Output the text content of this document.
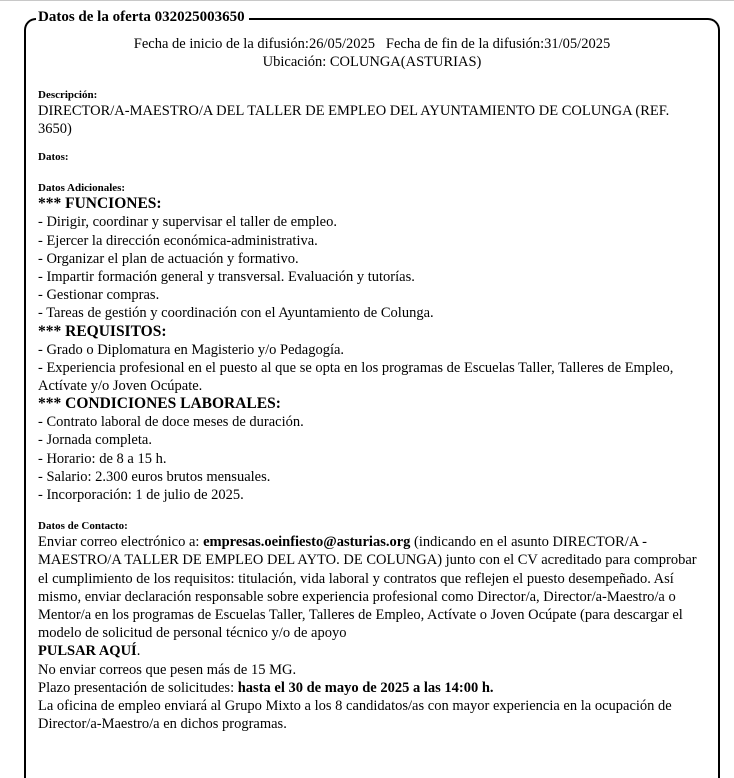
Datos de la oferta 032025003650
Fecha de inicio de la difusión:26/05/2025 Fecha de fin de la difusión:31/05/2025
Ubicación: COLUNGA(ASTURIAS)
Descripción:
DIRECTOR/A-MAESTRO/A DEL TALLER DE EMPLEO DEL AYUNTAMIENTO DE COLUNGA (REF. 3650)
Datos:
Datos Adicionales:
*** FUNCIONES:
- Dirigir, coordinar y supervisar el taller de empleo.
- Ejercer la dirección económica-administrativa.
- Organizar el plan de actuación y formativo.
- Impartir formación general y transversal. Evaluación y tutorías.
- Gestionar compras.
- Tareas de gestión y coordinación con el Ayuntamiento de Colunga.
*** REQUISITOS:
- Grado o Diplomatura en Magisterio y/o Pedagogía.
- Experiencia profesional en el puesto al que se opta en los programas de Escuelas Taller, Talleres de Empleo, Actívate y/o Joven Ocúpate.
*** CONDICIONES LABORALES:
- Contrato laboral de doce meses de duración.
- Jornada completa.
- Horario: de 8 a 15 h.
- Salario: 2.300 euros brutos mensuales.
- Incorporación: 1 de julio de 2025.
Datos de Contacto:
Enviar correo electrónico a: empresas.oeinfiesto@asturias.org (indicando en el asunto DIRECTOR/A - MAESTRO/A TALLER DE EMPLEO DEL AYTO. DE COLUNGA) junto con el CV acreditado para comprobar el cumplimiento de los requisitos: titulación, vida laboral y contratos que reflejen el puesto desempeñado. Así mismo, enviar declaración responsable sobre experiencia profesional como Director/a, Director/a-Maestro/a o Mentor/a en los programas de Escuelas Taller, Talleres de Empleo, Actívate o Joven Ocúpate (para descargar el modelo de solicitud de personal técnico y/o de apoyo
PULSAR AQUÍ.
No enviar correos que pesen más de 15 MG.
Plazo presentación de solicitudes: hasta el 30 de mayo de 2025 a las 14:00 h.
La oficina de empleo enviará al Grupo Mixto a los 8 candidatos/as con mayor experiencia en la ocupación de Director/a-Maestro/a en dichos programas.
